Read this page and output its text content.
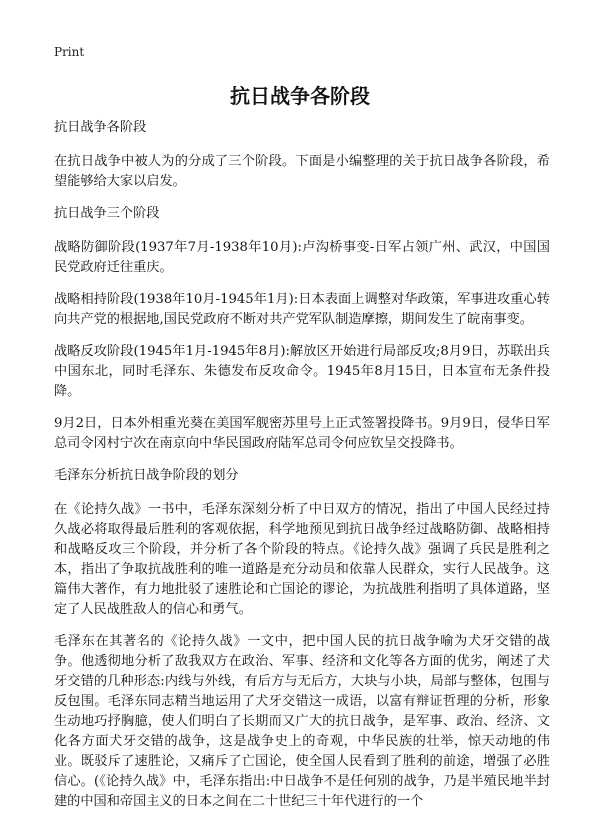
Print
抗日战争各阶段
抗日战争各阶段

在抗日战争中被人为的分成了三个阶段。下面是小编整理的关于抗日战争各阶段，希望能够给大家以启发。

抗日战争三个阶段

战略防御阶段(1937年7月-1938年10月):卢沟桥事变-日军占领广州、武汉，中国国民党政府迁往重庆。

战略相持阶段(1938年10月-1945年1月):日本表面上调整对华政策，军事进攻重心转向共产党的根据地,国民党政府不断对共产党军队制造摩擦，期间发生了皖南事变。

战略反攻阶段(1945年1月-1945年8月):解放区开始进行局部反攻;8月9日，苏联出兵中国东北，同时毛泽东、朱德发布反攻命令。1945年8月15日，日本宣布无条件投降。

9月2日，日本外相重光葵在美国军舰密苏里号上正式签署投降书。9月9日，侵华日军总司令冈村宁次在南京向中华民国政府陆军总司令何应钦呈交投降书。

毛泽东分析抗日战争阶段的划分

在《论持久战》一书中，毛泽东深刻分析了中日双方的情况，指出了中国人民经过持久战必将取得最后胜利的客观依据，科学地预见到抗日战争经过战略防御、战略相持和战略反攻三个阶段，并分析了各个阶段的特点。《论持久战》强调了兵民是胜利之本，指出了争取抗战胜利的唯一道路是充分动员和依靠人民群众，实行人民战争。这篇伟大著作，有力地批驳了速胜论和亡国论的谬论，为抗战胜利指明了具体道路，坚定了人民战胜敌人的信心和勇气。

毛泽东在其著名的《论持久战》一文中，把中国人民的抗日战争喻为犬牙交错的战争。他透彻地分析了敌我双方在政治、军事、经济和文化等各方面的优劣，阐述了犬牙交错的几种形态:内线与外线，有后方与无后方，大块与小块，局部与整体，包围与反包围。毛泽东同志精当地运用了犬牙交错这一成语，以富有辩证哲理的分析，形象生动地巧抒胸臆，使人们明白了长期而又广大的抗日战争，是军事、政治、经济、文化各方面犬牙交错的战争，这是战争史上的奇观，中华民族的壮举，惊天动地的伟业。既驳斥了速胜论，又痛斥了亡国论，使全国人民看到了胜利的前途，增强了必胜信心。(《论持久战》中，毛泽东指出:中日战争不是任何别的战争，乃是半殖民地半封建的中国和帝国主义的日本之间在二十世纪三十年代进行的一个
